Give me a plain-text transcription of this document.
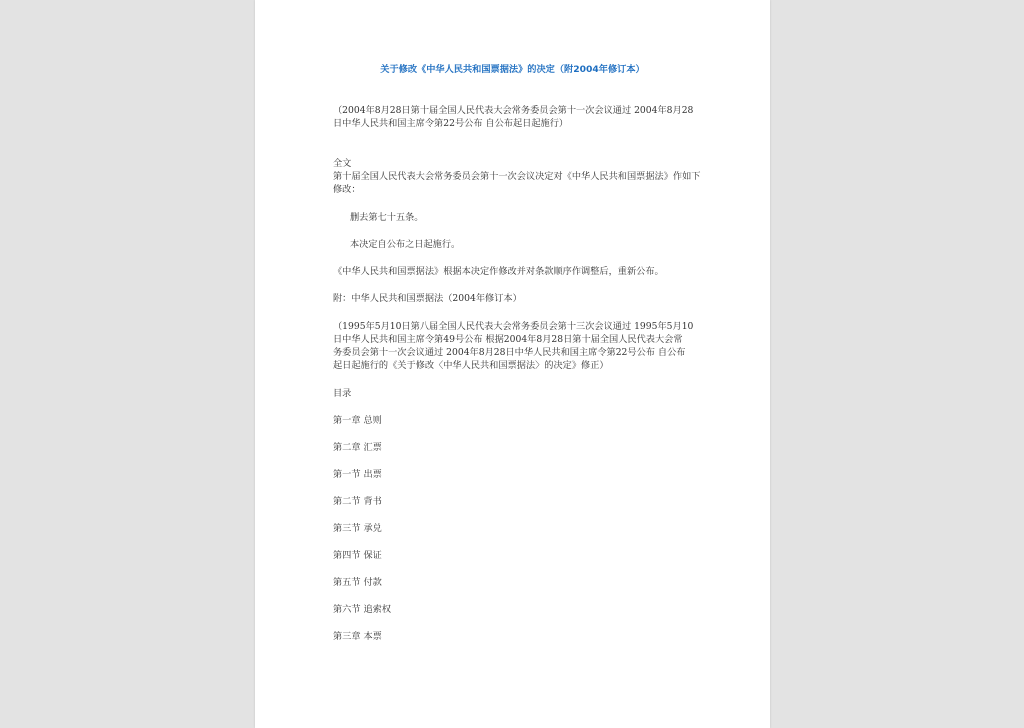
关于修改《中华人民共和国票据法》的决定（附2004年修订本）
（2004年8月28日第十届全国人民代表大会常务委员会第十一次会议通过 2004年8月28
日中华人民共和国主席令第22号公布 自公布起日起施行）
全文
第十届全国人民代表大会常务委员会第十一次会议决定对《中华人民共和国票据法》作如下
修改：
删去第七十五条。
本决定自公布之日起施行。
《中华人民共和国票据法》根据本决定作修改并对条款顺序作调整后，重新公布。
附：中华人民共和国票据法（2004年修订本）
（1995年5月10日第八届全国人民代表大会常务委员会第十三次会议通过 1995年5月10
日中华人民共和国主席令第49号公布 根据2004年8月28日第十届全国人民代表大会常
务委员会第十一次会议通过 2004年8月28日中华人民共和国主席令第22号公布 自公布
起日起施行的《关于修改〈中华人民共和国票据法〉的决定》修正）
目录
第一章 总则
第二章 汇票
第一节 出票
第二节 背书
第三节 承兑
第四节 保证
第五节 付款
第六节 追索权
第三章 本票
